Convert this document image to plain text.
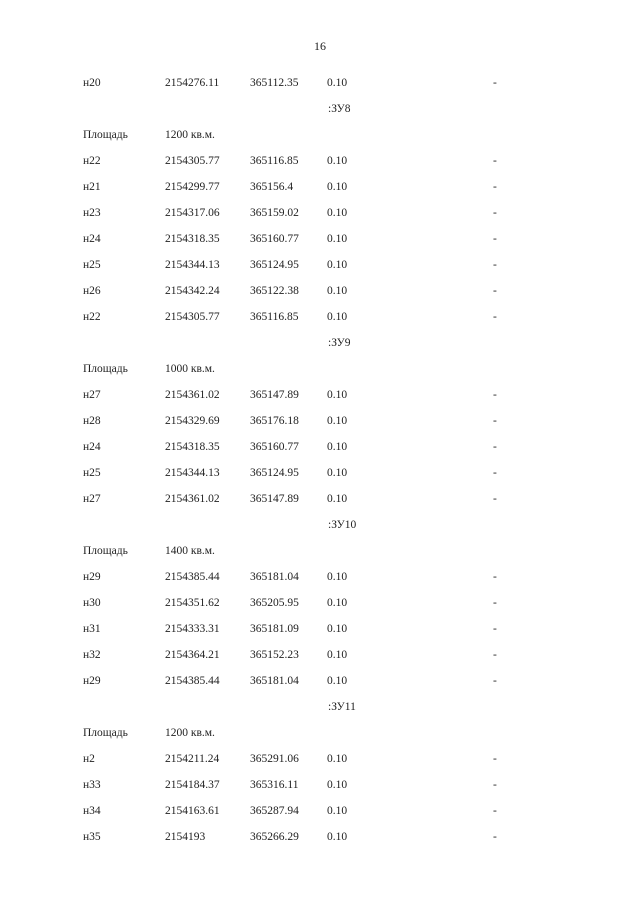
16
н20	2154276.11	365112.35 0.10	-
:ЗУ8
Площадь	1200 кв.м.
н22	2154305.77	365116.85 0.10	-
н21	2154299.77	365156.4	0.10	-
н23	2154317.06	365159.02 0.10	-
н24	2154318.35	365160.77 0.10	-
н25	2154344.13	365124.95 0.10	-
н26	2154342.24	365122.38 0.10	-
н22	2154305.77	365116.85 0.10	-
:ЗУ9
Площадь	1000 кв.м.
н27	2154361.02	365147.89 0.10	-
н28	2154329.69	365176.18 0.10	-
н24	2154318.35	365160.77 0.10	-
н25	2154344.13	365124.95 0.10	-
н27	2154361.02	365147.89 0.10	-
:ЗУ10
Площадь	1400 кв.м.
н29	2154385.44	365181.04 0.10	-
н30	2154351.62	365205.95 0.10	-
н31	2154333.31	365181.09 0.10	-
н32	2154364.21	365152.23 0.10	-
н29	2154385.44	365181.04 0.10	-
:ЗУ11
Площадь	1200 кв.м.
н2	2154211.24	365291.06 0.10	-
н33	2154184.37	365316.11 0.10	-
н34	2154163.61	365287.94 0.10	-
н35	2154193	365266.29 0.10	-
